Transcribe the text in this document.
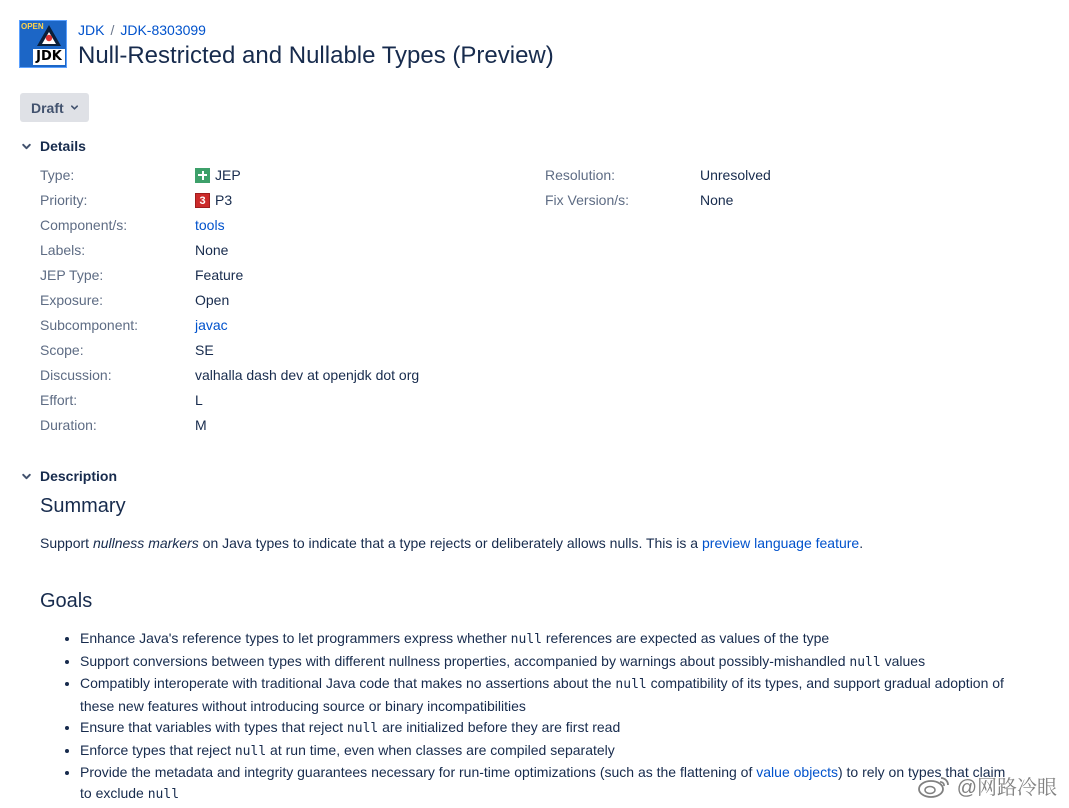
OPEN
JDK
JDK / JDK-8303099
Null-Restricted and Nullable Types (Preview)
Draft
Details
Type:	JEP
Priority:	3 P3
Component/s:	tools
Labels:	None
JEP Type:	Feature
Exposure:	Open
Subcomponent:	javac
Scope:	SE
Discussion:	valhalla dash dev at openjdk dot org
Effort:	L
Duration:	M
Resolution:	Unresolved
Fix Version/s:	None
Description
Summary

Support nullness markers on Java types to indicate that a type rejects or deliberately allows nulls. This is a preview language feature.

Goals
• Enhance Java's reference types to let programmers express whether null references are expected as values of the type
• Support conversions between types with different nullness properties, accompanied by warnings about possibly-mishandled null values
• Compatibly interoperate with traditional Java code that makes no assertions about the null compatibility of its types, and support gradual adoption of these new features without introducing source or binary incompatibilities
• Ensure that variables with types that reject null are initialized before they are first read
• Enforce types that reject null at run time, even when classes are compiled separately
• Provide the metadata and integrity guarantees necessary for run-time optimizations (such as the flattening of value objects) to rely on types that claim to exclude null	@网路冷眼
